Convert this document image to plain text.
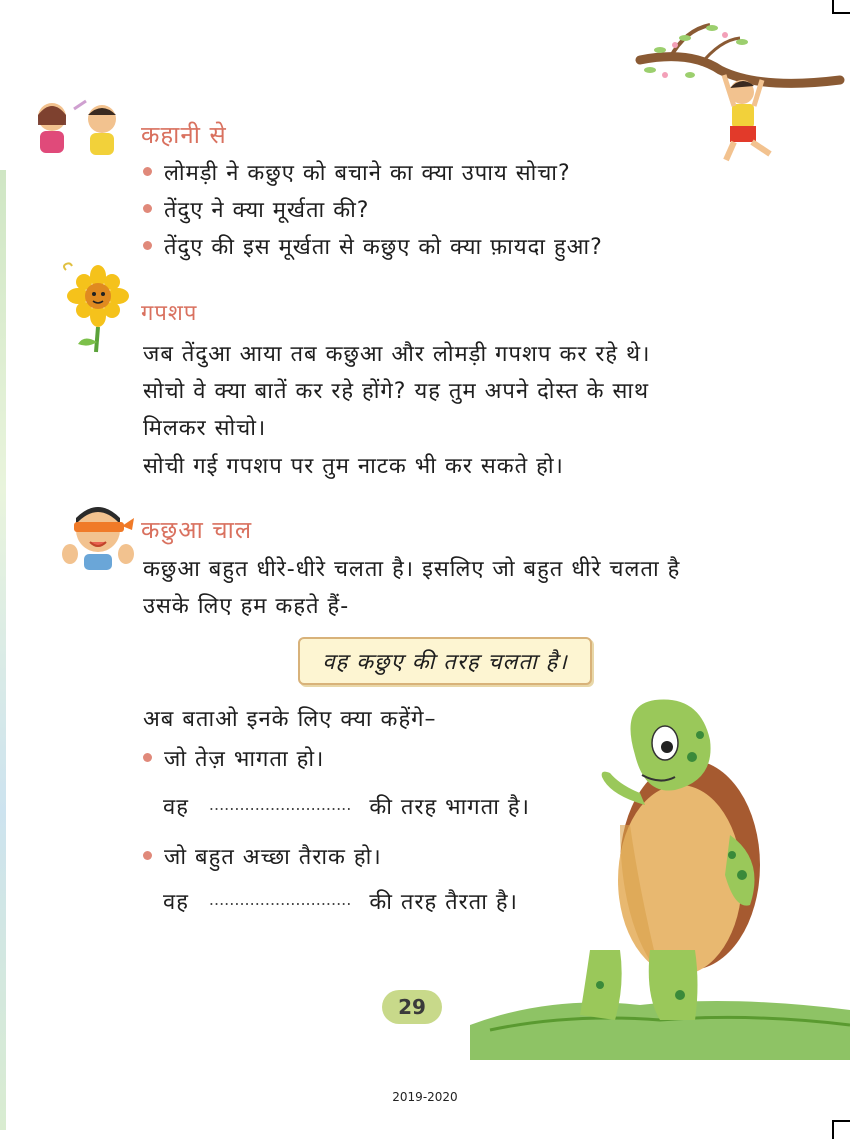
कहानी से
लोमड़ी ने कछुए को बचाने का क्या उपाय सोचा?
तेंदुए ने क्या मूर्खता की?
तेंदुए की इस मूर्खता से कछुए को क्या फ़ायदा हुआ?
गपशप
जब तेंदुआ आया तब कछुआ और लोमड़ी गपशप कर रहे थे।
सोचो वे क्या बातें कर रहे होंगे? यह तुम अपने दोस्त के साथ
मिलकर सोचो।
सोची गई गपशप पर तुम नाटक भी कर सकते हो।
कछुआ चाल
कछुआ बहुत धीरे-धीरे चलता है। इसलिए जो बहुत धीरे चलता है
उसके लिए हम कहते हैं-
वह कछुए की तरह चलता है।
अब बताओ इनके लिए क्या कहेंगे–
जो तेज़ भागता हो।
वह ............................ की तरह भागता है।
जो बहुत अच्छा तैराक हो।
वह ............................ की तरह तैरता है।
29
2019-2020
